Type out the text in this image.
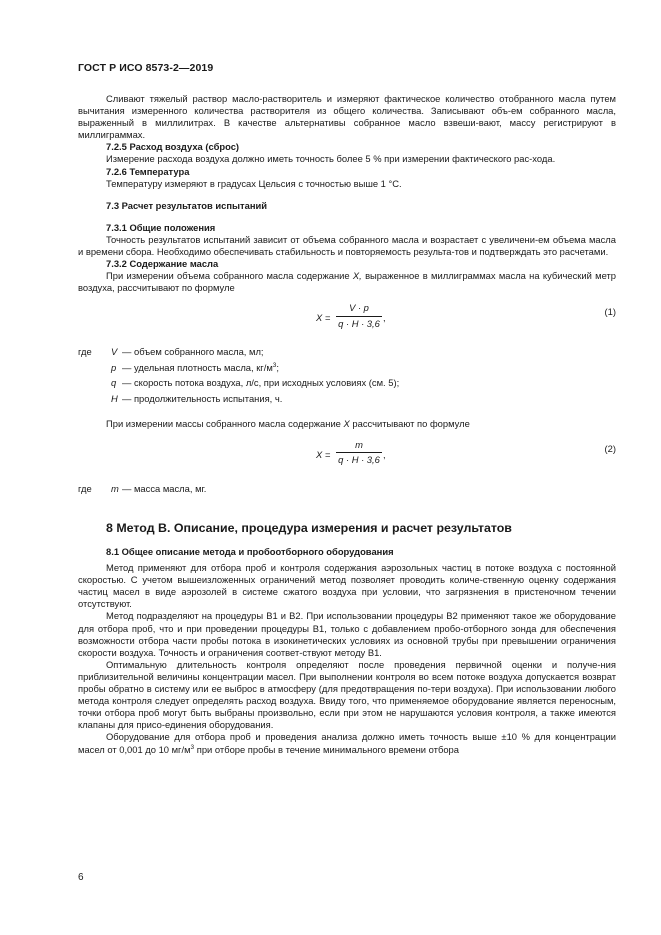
ГОСТ Р ИСО 8573-2—2019

Сливают тяжелый раствор масло-растворитель и измеряют фактическое количество отобранного масла путем вычитания измеренного количества растворителя из общего количества. Записывают объ-ем собранного масла, выраженный в миллилитрах. В качестве альтернативы собранное масло взвеши-вают, массу регистрируют в миллиграммах.

7.2.5 Расход воздуха (сброс)

Измерение расхода воздуха должно иметь точность более 5 % при измерении фактического рас-хода.

7.2.6 Температура

Температуру измеряют в градусах Цельсия с точностью выше 1 °С.

7.3 Расчет результатов испытаний

7.3.1 Общие положения

Точность результатов испытаний зависит от объема собранного масла и возрастает с увеличени-ем объема масла и времени сбора. Необходимо обеспечивать стабильность и повторяемость результа-тов и подтверждать это расчетами.

7.3.2 Содержание масла

При измерении объема собранного масла содержание X, выраженное в миллиграммах масла на кубический метр воздуха, рассчитывают по формуле

$X = \frac{V \cdot p}{q \cdot H \cdot 3,6}$ ,
(1)
где V — объем собранного масла, мл;
p — удельная плотность масла, $кг/м^3$;
q — скорость потока воздуха, л/с, при исходных условиях (см. 5);
H — продолжительность испытания, ч.

При измерении массы собранного масла содержание X рассчитывают по формуле

$X = \frac{m}{q \cdot H \cdot 3,6}$ ,
(2)
где m — масса масла, мг.

8 Метод В. Описание, процедура измерения и расчет результатов

8.1 Общее описание метода и пробоотборного оборудования

Метод применяют для отбора проб и контроля содержания аэрозольных частиц в потоке воздуха с постоянной скоростью. С учетом вышеизложенных ограничений метод позволяет проводить количе-ственную оценку содержания частиц масел в виде аэрозолей в системе сжатого воздуха при условии, что загрязнения в пристеночном течении отсутствуют.

Метод подразделяют на процедуры В1 и В2. При использовании процедуры В2 применяют такое же оборудование для отбора проб, что и при проведении процедуры В1, только с добавлением пробо-отборного зонда для обеспечения возможности отбора части пробы потока в изокинетических условиях из основной трубы при превышении ограничения скорости воздуха. Точность и ограничения соответ-ствуют методу В1.

Оптимальную длительность контроля определяют после проведения первичной оценки и получе-ния приблизительной величины концентрации масел. При выполнении контроля во всем потоке воздуха допускается возврат пробы обратно в систему или ее выброс в атмосферу (для предотвращения по-тери воздуха). При использовании любого метода контроля следует определять расход воздуха. Ввиду того, что применяемое оборудование является переносным, точки отбора проб могут быть выбраны произвольно, если при этом не нарушаются условия контроля, а также имеются клапаны для присо-единения оборудования.

Оборудование для отбора проб и проведения анализа должно иметь точность выше ±10 % для концентрации масел от 0,001 до 10 $мг/м^3$ при отборе пробы в течение минимального времени отбора

6
